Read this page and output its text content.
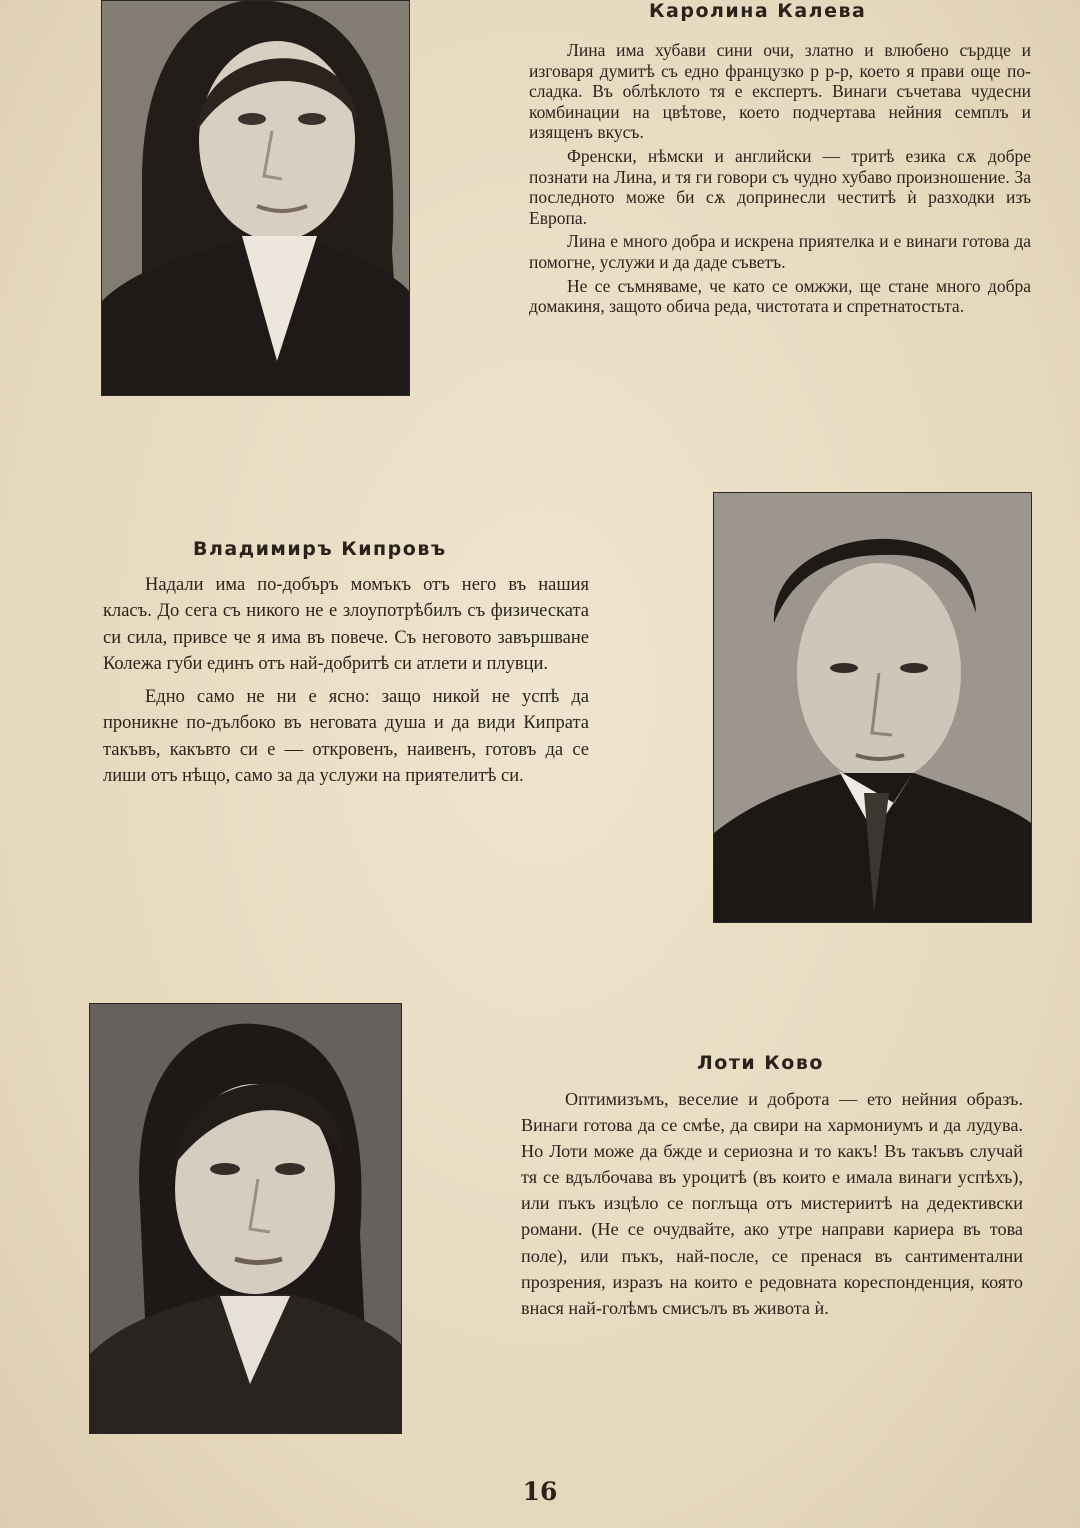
Каролина Калева

Лина има хубави сини очи, златно и влюбено сърдце и изговаря думитѣ съ едно французко р р-р, което я прави още по-сладка. Въ облѣклото тя е експертъ. Винаги съчетава чудесни комбинации на цвѣтове, което подчертава нейния семплъ и изященъ вкусъ.

Френски, нѣмски и английски — тритѣ езика сѫ добре познати на Лина, и тя ги говори съ чудно хубаво произношение. За последното може би сѫ допринесли честитѣ ѝ разходки изъ Европа.

Лина е много добра и искрена приятелка и е винаги готова да помогне, услужи и да даде съветъ.

Не се съмняваме, че като се омжжи, ще стане много добра домакиня, защото обича реда, чистотата и спретнатостьта.

Владимиръ Кипровъ

Надали има по-добъръ момъкъ отъ него въ нашия класъ. До сега съ никого не е злоупотрѣбилъ съ физическата си сила, привсе че я има въ повече. Съ неговото завършване Колежа губи единъ отъ най-добритѣ си атлети и плувци.

Едно само не ни е ясно: защо никой не успѣ да проникне по-дълбоко въ неговата душа и да види Кипрата такъвъ, какъвто си е — откровенъ, наивенъ, готовъ да се лиши отъ нѣщо, само за да услужи на приятелитѣ си.

Лоти Ково

Оптимизъмъ, веселие и доброта — ето нейния образъ. Винаги готова да се смѣе, да свири на хармониумъ и да лудува. Но Лоти може да бжде и сериозна и то какъ! Въ такъвъ случай тя се вдълбочава въ уроцитѣ (въ които е имала винаги успѣхъ), или пъкъ изцѣло се поглъща отъ мистериитѣ на дедективски романи. (Не се очудвайте, ако утре направи кариера въ това поле), или пъкъ, най-после, се пренася въ сантиментални прозрения, изразъ на които е редовната кореспонденция, която внася най-голѣмъ смисълъ въ живота ѝ.

16
